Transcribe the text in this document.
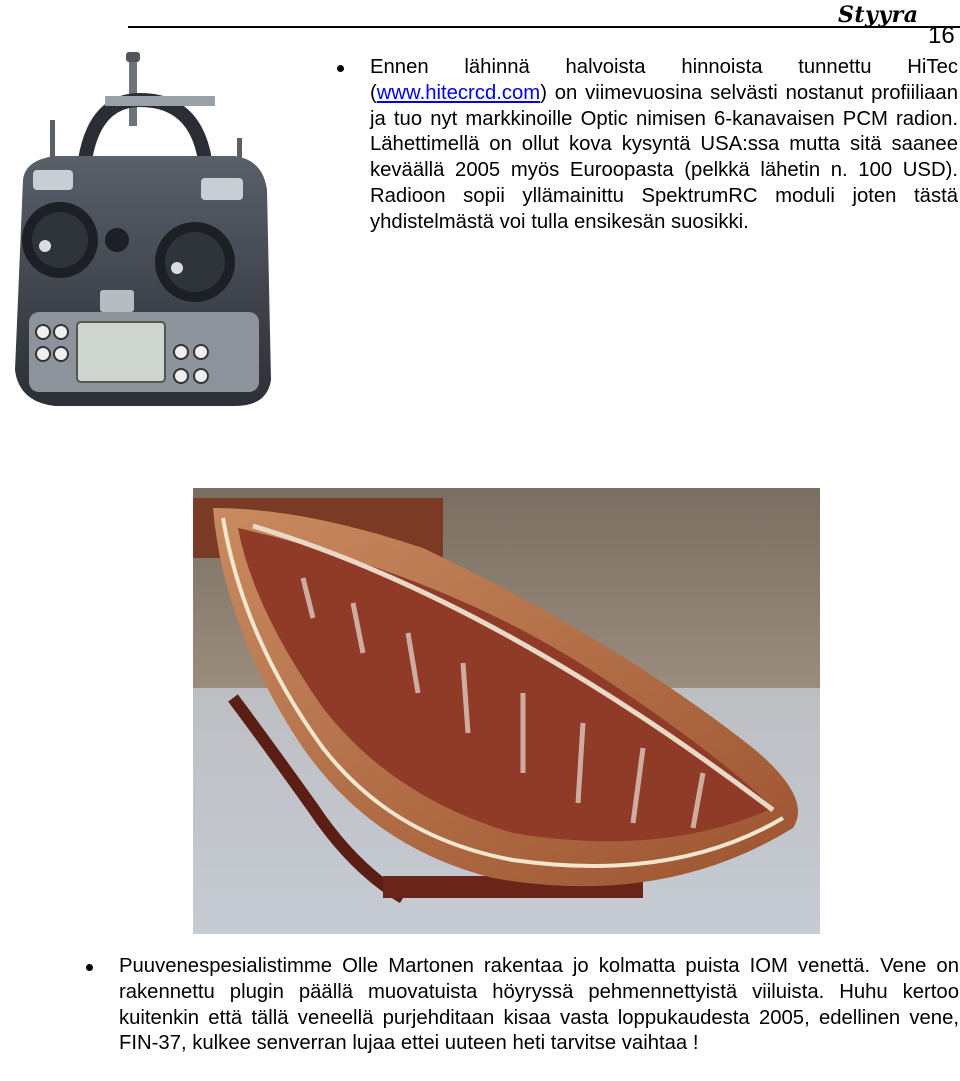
Styyra
16

Ennen lähinnä halvoista hinnoista tunnettu HiTec (www.hitecrcd.com) on viimevuosina selvästi nostanut profiiliaan ja tuo nyt markkinoille Optic nimisen 6-kanavaisen PCM radion. Lähettimellä on ollut kova kysyntä USA:ssa mutta sitä saanee keväällä 2005 myös Euroopasta (pelkkä lähetin n. 100 USD). Radioon sopii yllämainittu SpektrumRC moduli joten tästä yhdistelmästä voi tulla ensikesän suosikki.

Puuvenespesialistimme Olle Martonen rakentaa jo kolmatta puista IOM venettä. Vene on rakennettu plugin päällä muovatuista höyryssä pehmennettyistä viiluista. Huhu kertoo kuitenkin että tällä veneellä purjehditaan kisaa vasta loppukaudesta 2005, edellinen vene, FIN-37, kulkee senverran lujaa ettei uuteen heti tarvitse vaihtaa !
